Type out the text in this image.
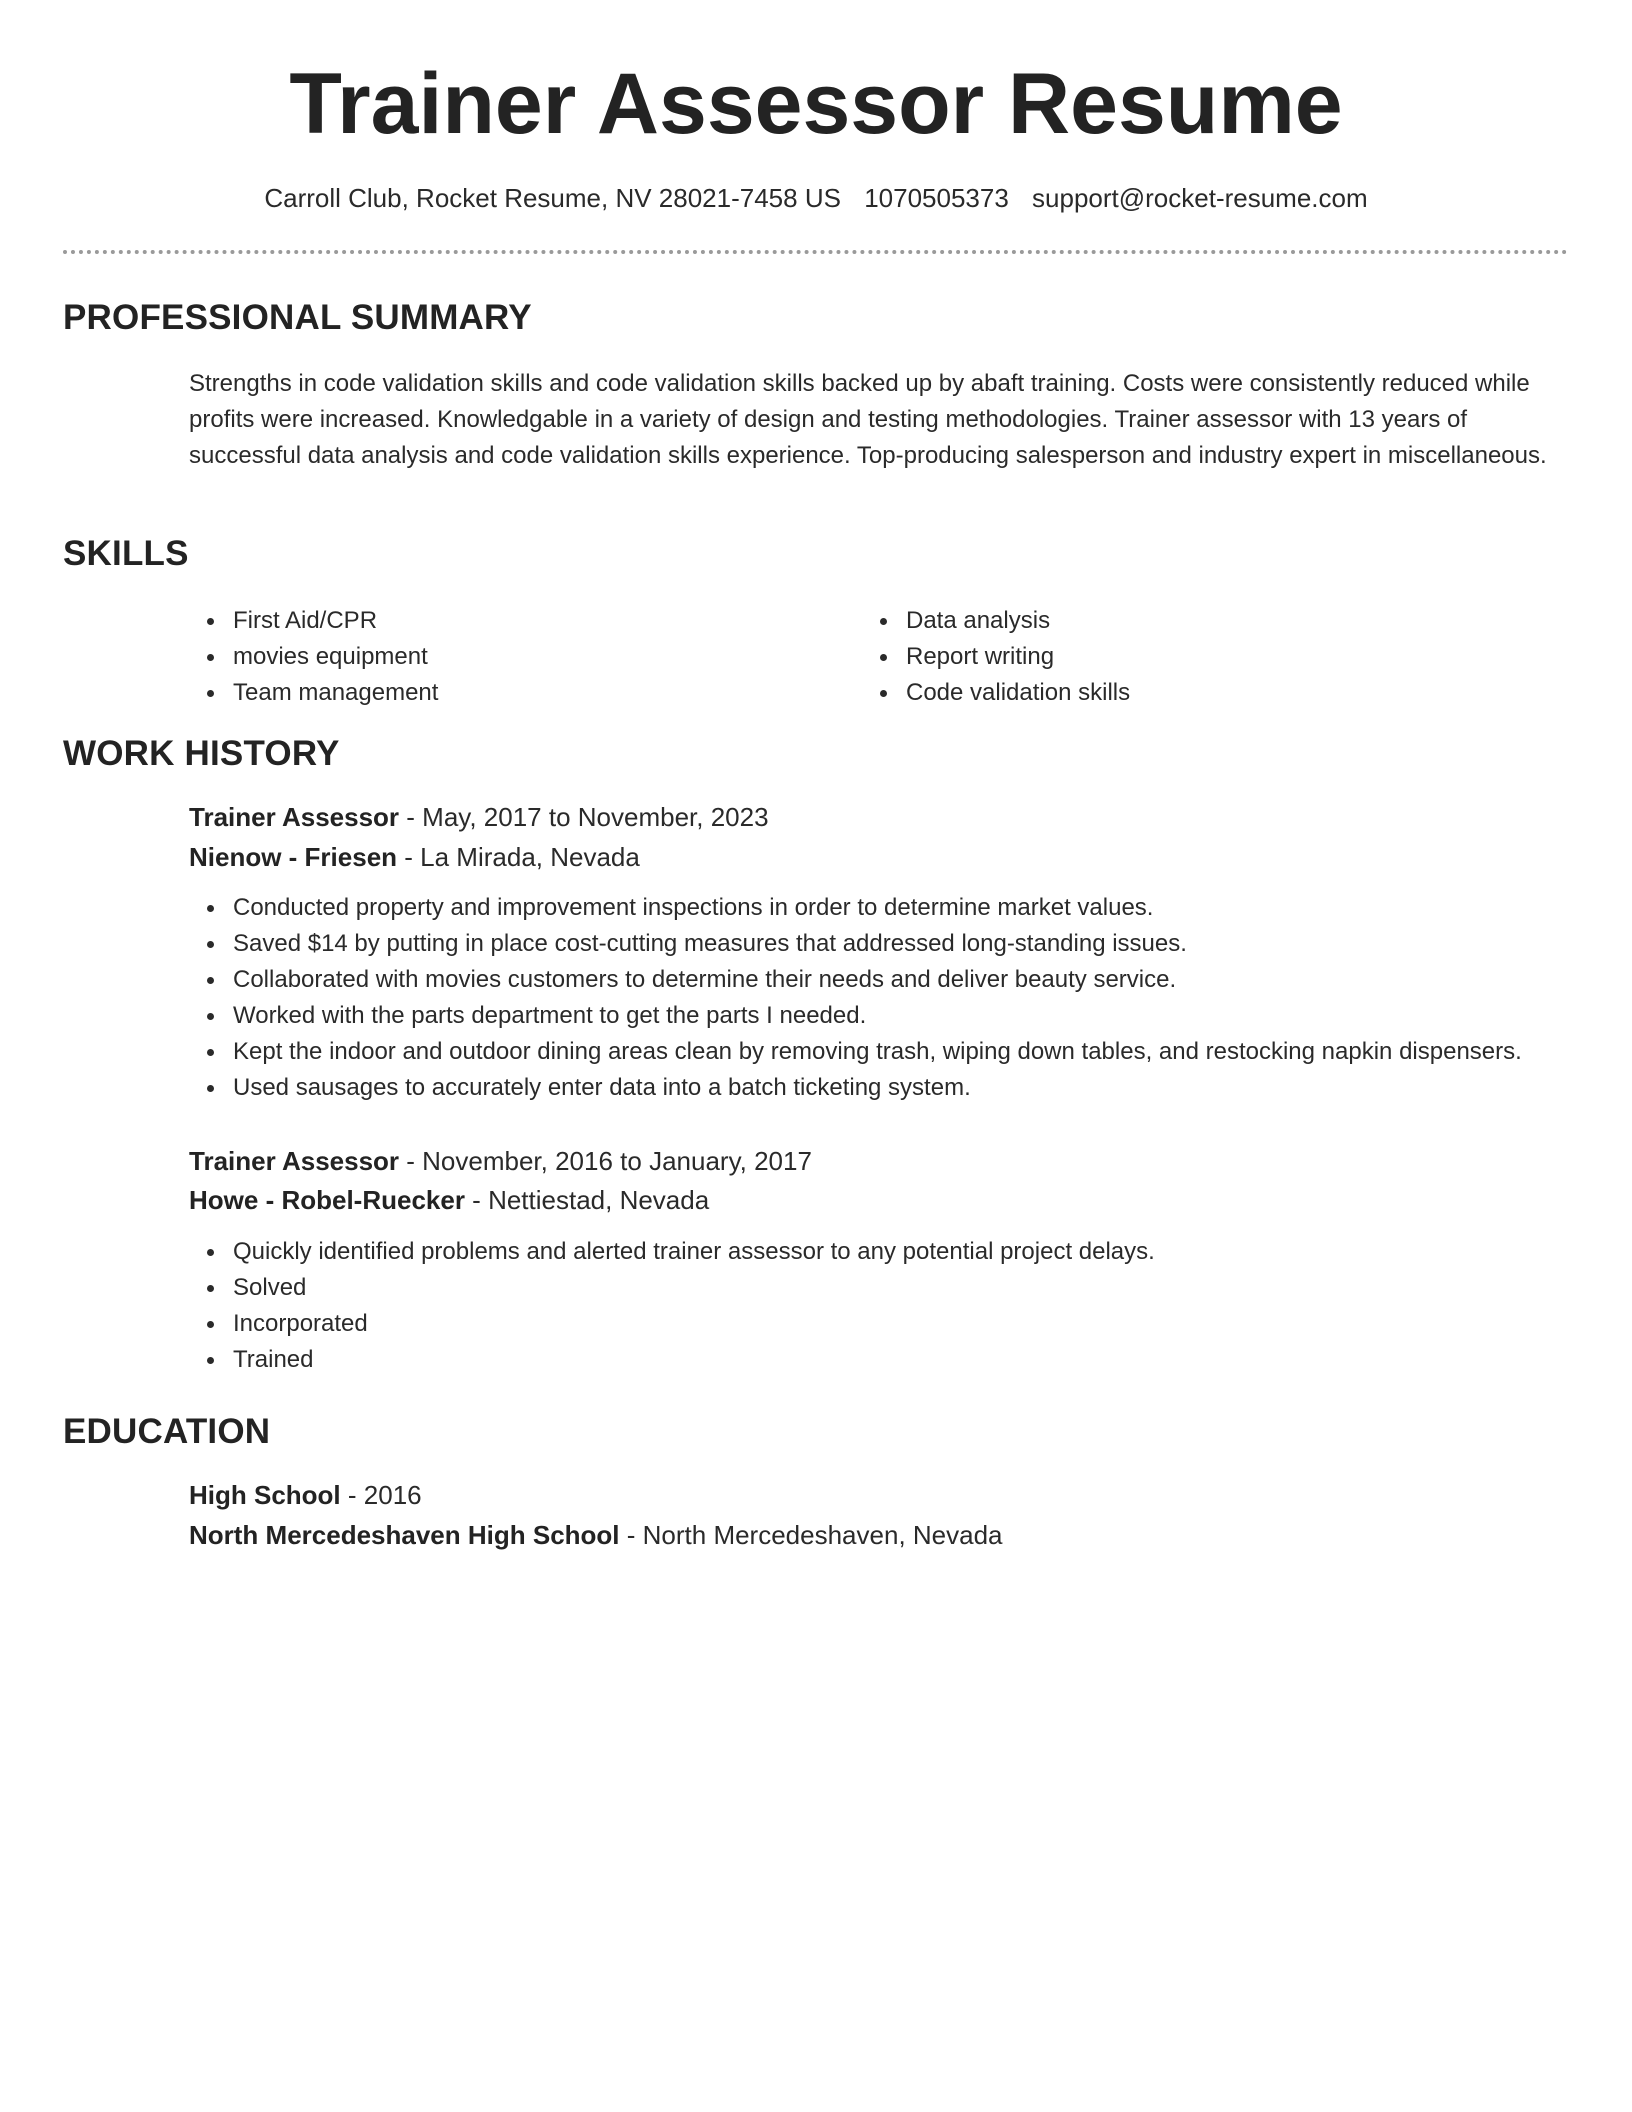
Trainer Assessor Resume
Carroll Club, Rocket Resume, NV 28021-7458 US 1070505373 support@rocket-resume.com
PROFESSIONAL SUMMARY

Strengths in code validation skills and code validation skills backed up by abaft training. Costs were consistently reduced while profits were increased. Knowledgable in a variety of design and testing methodologies. Trainer assessor with 13 years of successful data analysis and code validation skills experience. Top-producing salesperson and industry expert in miscellaneous.

SKILLS
First Aid/CPR
movies equipment
Team management
Data analysis
Report writing
Code validation skills
WORK HISTORY
Trainer Assessor - May, 2017 to November, 2023
Nienow - Friesen - La Mirada, Nevada
Conducted property and improvement inspections in order to determine market values.
Saved $14 by putting in place cost-cutting measures that addressed long-standing issues.
Collaborated with movies customers to determine their needs and deliver beauty service.
Worked with the parts department to get the parts I needed.
Kept the indoor and outdoor dining areas clean by removing trash, wiping down tables, and restocking napkin dispensers.
Used sausages to accurately enter data into a batch ticketing system.
Trainer Assessor - November, 2016 to January, 2017
Howe - Robel-Ruecker - Nettiestad, Nevada
Quickly identified problems and alerted trainer assessor to any potential project delays.
Solved
Incorporated
Trained
EDUCATION
High School - 2016
North Mercedeshaven High School - North Mercedeshaven, Nevada
